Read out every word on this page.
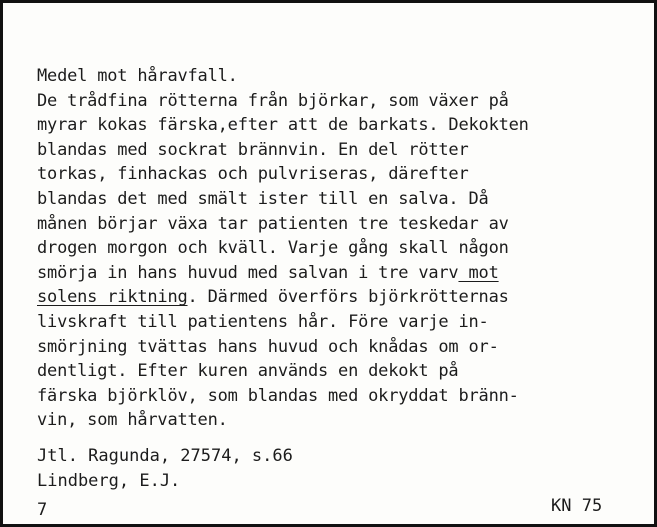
Medel mot håravfall.
De trådfina rötterna från björkar, som växer på
myrar kokas färska,efter att de barkats. Dekokten
blandas med sockrat brännvin. En del rötter
torkas, finhackas och pulvriseras, därefter
blandas det med smält ister till en salva. Då
månen börjar växa tar patienten tre teskedar av
drogen morgon och kväll. Varje gång skall någon
smörja in hans huvud med salvan i tre varv mot
solens riktning. Därmed överförs björkrötternas
livskraft till patientens hår. Före varje in-
smörjning tvättas hans huvud och knådas om or-
dentligt. Efter kuren används en dekokt på
färska björklöv, som blandas med okryddat bränn-
vin, som hårvatten.
Jtl. Ragunda, 27574, s.66
Lindberg, E.J.
7	KN 75
